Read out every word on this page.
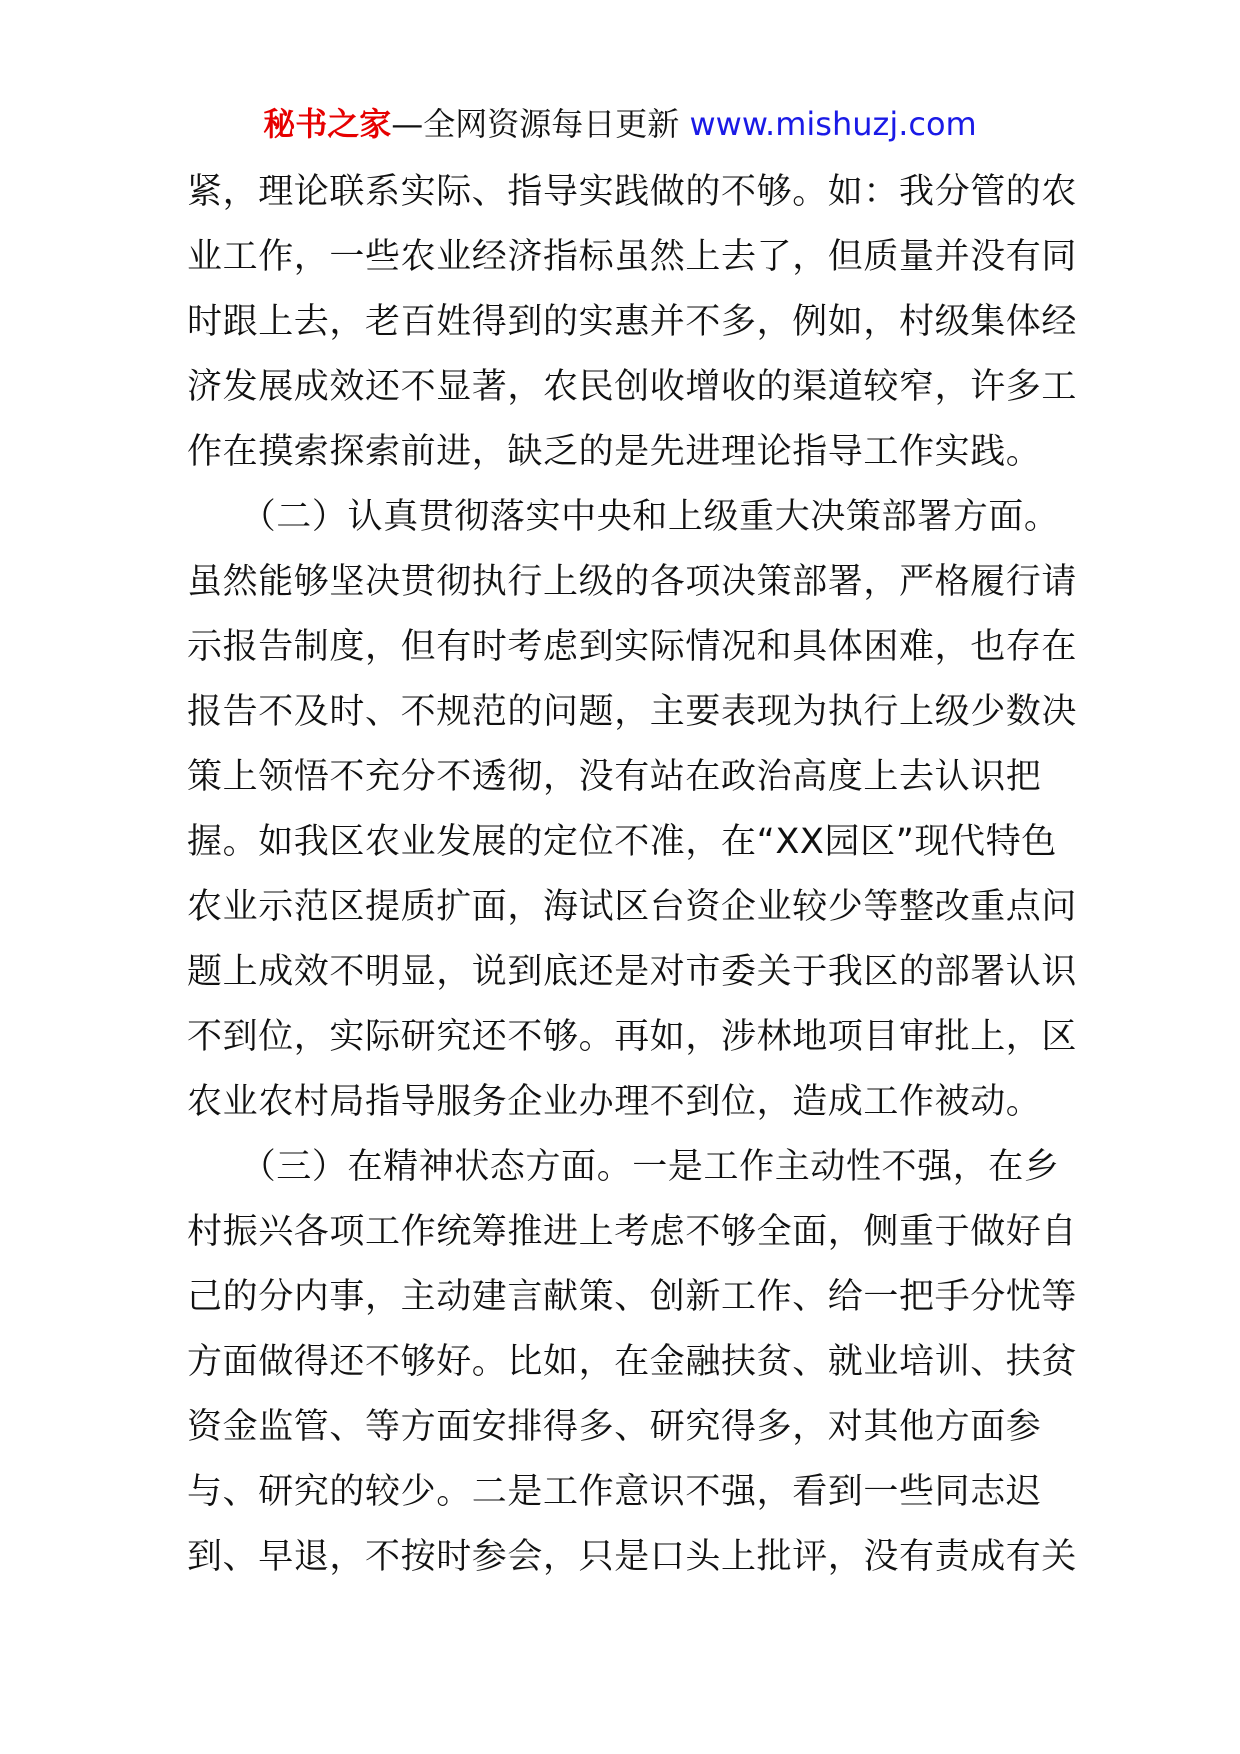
秘书之家—全网资源每日更新 www.mishuzj.com
紧，理论联系实际、指导实践做的不够。如：我分管的农
业工作，一些农业经济指标虽然上去了，但质量并没有同
时跟上去，老百姓得到的实惠并不多，例如，村级集体经
济发展成效还不显著，农民创收增收的渠道较窄，许多工
作在摸索探索前进，缺乏的是先进理论指导工作实践。
　　（二）认真贯彻落实中央和上级重大决策部署方面。
虽然能够坚决贯彻执行上级的各项决策部署，严格履行请
示报告制度，但有时考虑到实际情况和具体困难，也存在
报告不及时、不规范的问题，主要表现为执行上级少数决
策上领悟不充分不透彻，没有站在政治高度上去认识把
握。如我区农业发展的定位不准，在“XX园区”现代特色
农业示范区提质扩面，海试区台资企业较少等整改重点问
题上成效不明显，说到底还是对市委关于我区的部署认识
不到位，实际研究还不够。再如，涉林地项目审批上，区
农业农村局指导服务企业办理不到位，造成工作被动。
　　（三）在精神状态方面。一是工作主动性不强，在乡
村振兴各项工作统筹推进上考虑不够全面，侧重于做好自
己的分内事，主动建言献策、创新工作、给一把手分忧等
方面做得还不够好。比如，在金融扶贫、就业培训、扶贫
资金监管、等方面安排得多、研究得多，对其他方面参
与、研究的较少。二是工作意识不强，看到一些同志迟
到、早退，不按时参会，只是口头上批评，没有责成有关
